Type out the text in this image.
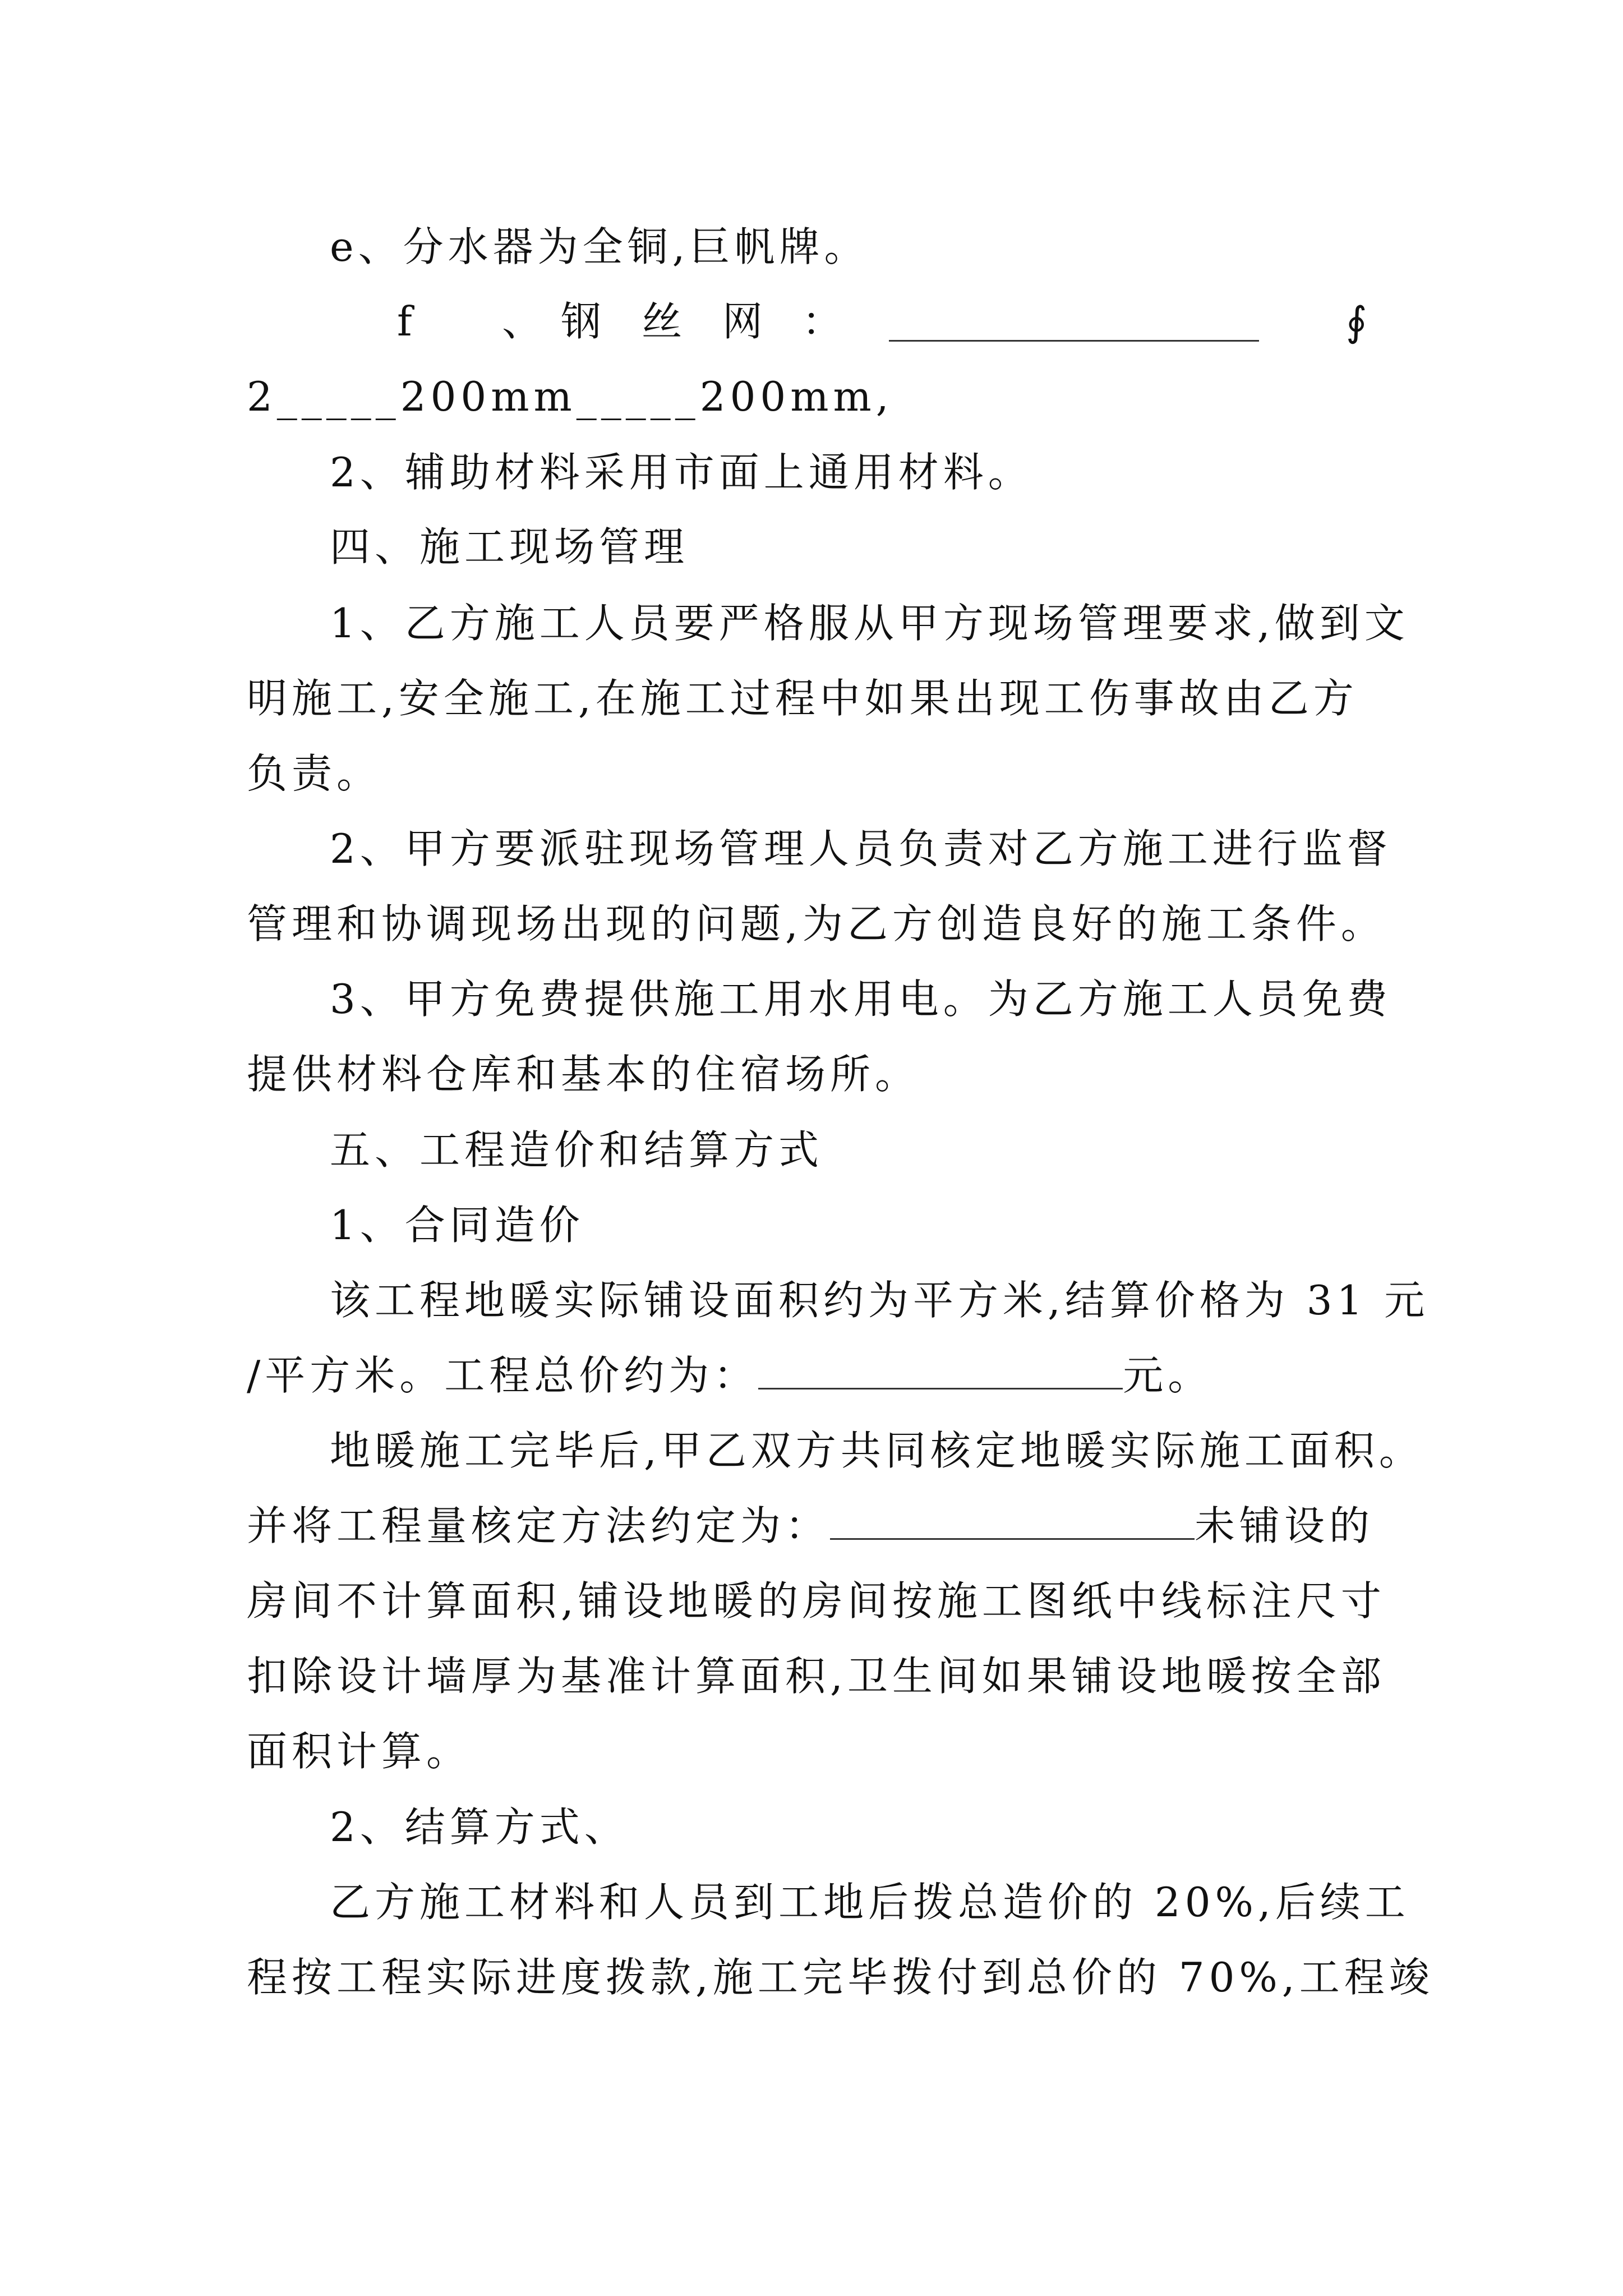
e、分水器为全铜,巨帆牌。
f 、 钢 丝 网 ：	∮
2_____200mm_____200mm,
2、辅助材料采用市面上通用材料。
四、施工现场管理
1、乙方施工人员要严格服从甲方现场管理要求,做到文
明施工,安全施工,在施工过程中如果出现工伤事故由乙方
负责。
2、甲方要派驻现场管理人员负责对乙方施工进行监督
管理和协调现场出现的问题,为乙方创造良好的施工条件。
3、甲方免费提供施工用水用电。为乙方施工人员免费
提供材料仓库和基本的住宿场所。
五、工程造价和结算方式
1、合同造价
该工程地暖实际铺设面积约为平方米,结算价格为 31 元
/平方米。工程总价约为：	元。
地暖施工完毕后,甲乙双方共同核定地暖实际施工面积。
并将工程量核定方法约定为：	未铺设的
房间不计算面积,铺设地暖的房间按施工图纸中线标注尺寸
扣除设计墙厚为基准计算面积,卫生间如果铺设地暖按全部
面积计算。
2、结算方式、
乙方施工材料和人员到工地后拨总造价的 20%,后续工
程按工程实际进度拨款,施工完毕拨付到总价的 70%,工程竣
